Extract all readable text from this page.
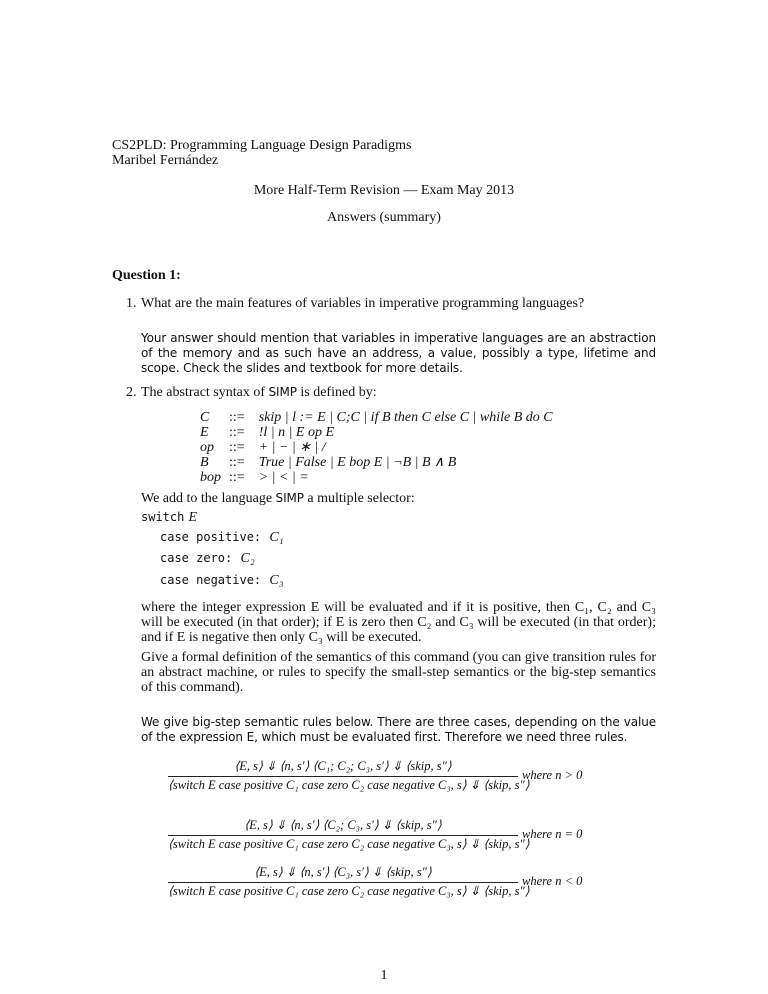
CS2PLD: Programming Language Design Paradigms
Maribel Fernández
More Half-Term Revision — Exam May 2013
Answers (summary)
Question 1:
1. What are the main features of variables in imperative programming languages?
Your answer should mention that variables in imperative languages are an abstraction of the memory and as such have an address, a value, possibly a type, lifetime and scope. Check the slides and textbook for more details.
2. The abstract syntax of SIMP is defined by:
C	::=	skip | l := E | C;C | if B then C else C | while B do C
E	::=	!l | n | E op E
op	::=	+ | − | ∗ | /
B	::=	True | False | E bop E | ¬B | B ∧ B
bop	::=	> | < | =
We add to the language SIMP a multiple selector:
switch E
case positive: C₁
case zero: C₂
case negative: C₃
where the integer expression E will be evaluated and if it is positive, then C₁, C₂ and C₃ will be executed (in that order); if E is zero then C₂ and C₃ will be executed (in that order); and if E is negative then only C₃ will be executed.
Give a formal definition of the semantics of this command (you can give transition rules for an abstract machine, or rules to specify the small-step semantics or the big-step semantics of this command).
We give big-step semantic rules below. There are three cases, depending on the value of the expression E, which must be evaluated first. Therefore we need three rules.
⟨E, s⟩ ⇓ ⟨n, s′⟩ ⟨C₁; C₂; C₃, s′⟩ ⇓ ⟨skip, s″⟩
⟨switch E case positive C₁ case zero C₂ case negative C₃, s⟩ ⇓ ⟨skip, s″⟩
where n > 0
⟨E, s⟩ ⇓ ⟨n, s′⟩ ⟨C₂; C₃, s′⟩ ⇓ ⟨skip, s″⟩
⟨switch E case positive C₁ case zero C₂ case negative C₃, s⟩ ⇓ ⟨skip, s″⟩
where n = 0
⟨E, s⟩ ⇓ ⟨n, s′⟩ ⟨C₃, s′⟩ ⇓ ⟨skip, s″⟩
⟨switch E case positive C₁ case zero C₂ case negative C₃, s⟩ ⇓ ⟨skip, s″⟩
where n < 0
1
